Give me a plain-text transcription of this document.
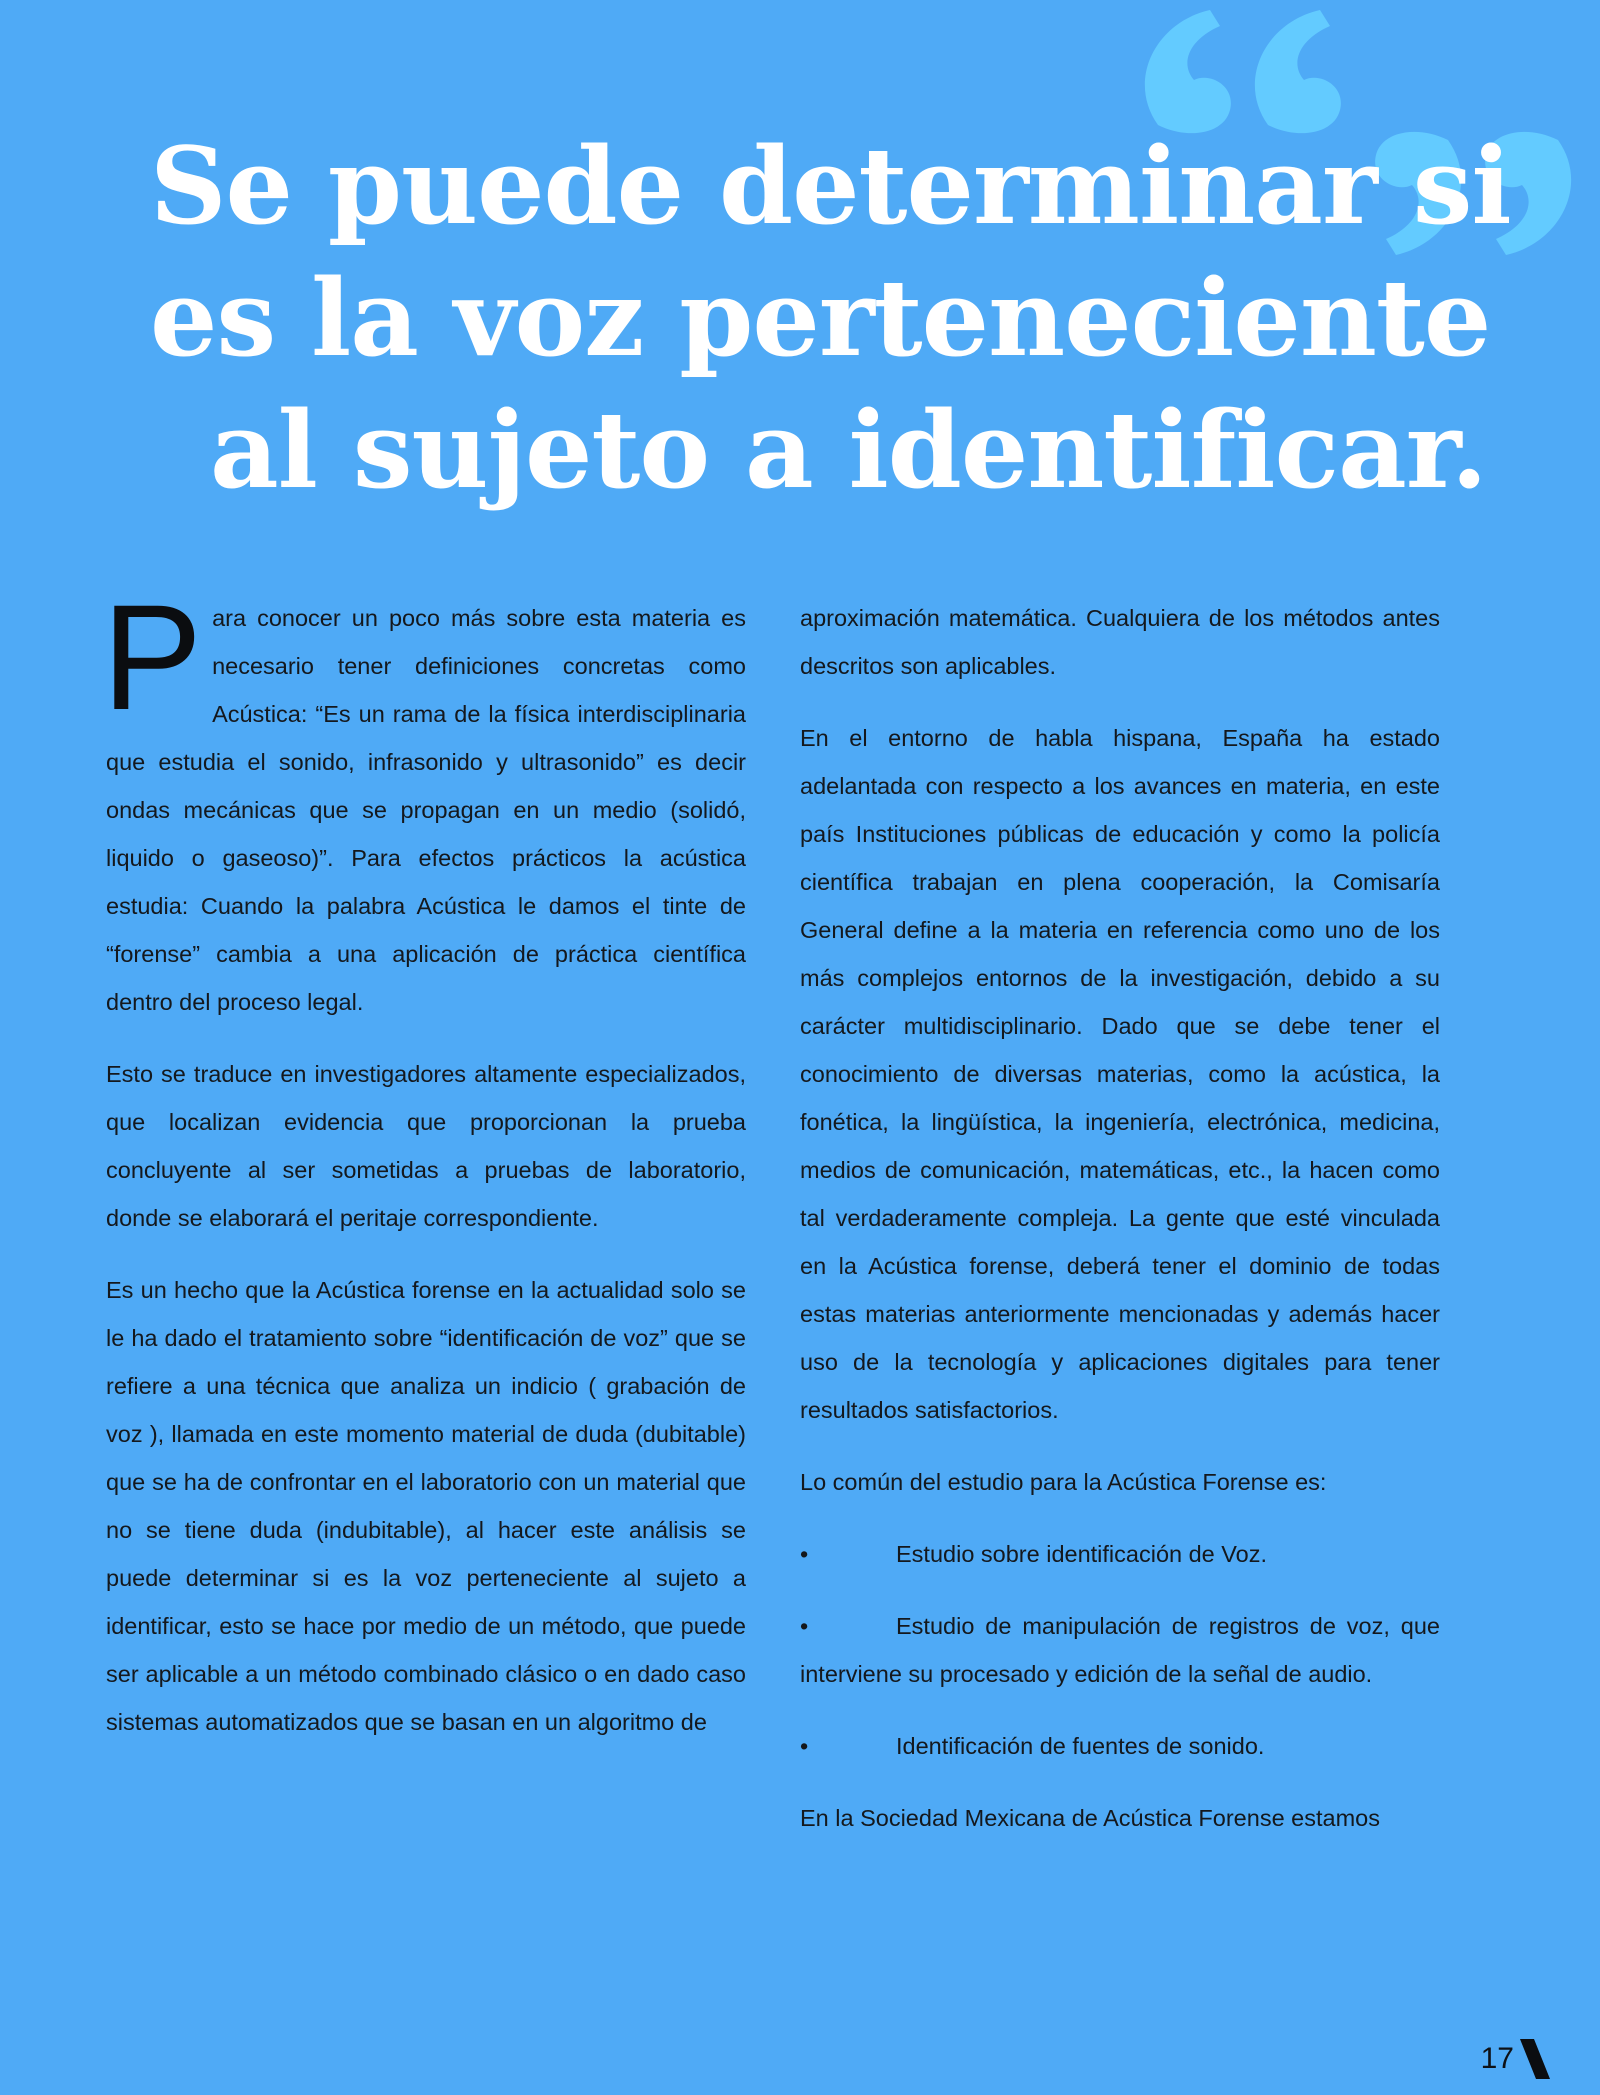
Se puede determinar si
es la voz perteneciente
al sujeto a identificar.

Para conocer un poco más sobre esta materia es necesario tener definiciones concretas como Acústica: “Es un rama de la física interdisciplinaria que estudia el sonido, infrasonido y ultrasonido” es decir ondas mecánicas que se propagan en un medio (solidó, liquido o gaseoso)”. Para efectos prácticos la acústica estudia: Cuando la palabra Acústica le damos el tinte de “forense” cambia a una aplicación de práctica científica dentro del proceso legal.

Esto se traduce en investigadores altamente especializados, que localizan evidencia que proporcionan la prueba concluyente al ser sometidas a pruebas de laboratorio, donde se elaborará el peritaje correspondiente.

Es un hecho que la Acústica forense en la actualidad solo se le ha dado el tratamiento sobre “identificación de voz” que se refiere a una técnica que analiza un indicio ( grabación de voz ), llamada en este momento material de duda (dubitable) que se ha de confrontar en el laboratorio con un material que no se tiene duda (indubitable), al hacer este análisis se puede determinar si es la voz perteneciente al sujeto a identificar, esto se hace por medio de un método, que puede ser aplicable a un método combinado clásico o en dado caso sistemas automatizados que se basan en un algoritmo de

aproximación matemática. Cualquiera de los métodos antes descritos son aplicables.

En el entorno de habla hispana, España ha estado adelantada con respecto a los avances en materia, en este país Instituciones públicas de educación y como la policía científica trabajan en plena cooperación, la Comisaría General define a la materia en referencia como uno de los más complejos entornos de la investigación, debido a su carácter multidisciplinario. Dado que se debe tener el conocimiento de diversas materias, como la acústica, la fonética, la lingüística, la ingeniería, electrónica, medicina, medios de comunicación, matemáticas, etc., la hacen como tal verdaderamente compleja. La gente que esté vinculada en la Acústica forense, deberá tener el dominio de todas estas materias anteriormente mencionadas y además hacer uso de la tecnología y aplicaciones digitales para tener resultados satisfactorios.

Lo común del estudio para la Acústica Forense es:

•	Estudio sobre identificación de Voz.

•	Estudio de manipulación de registros de voz, que interviene su procesado y edición de la señal de audio.

•	Identificación de fuentes de sonido.

En la Sociedad Mexicana de Acústica Forense estamos

17
